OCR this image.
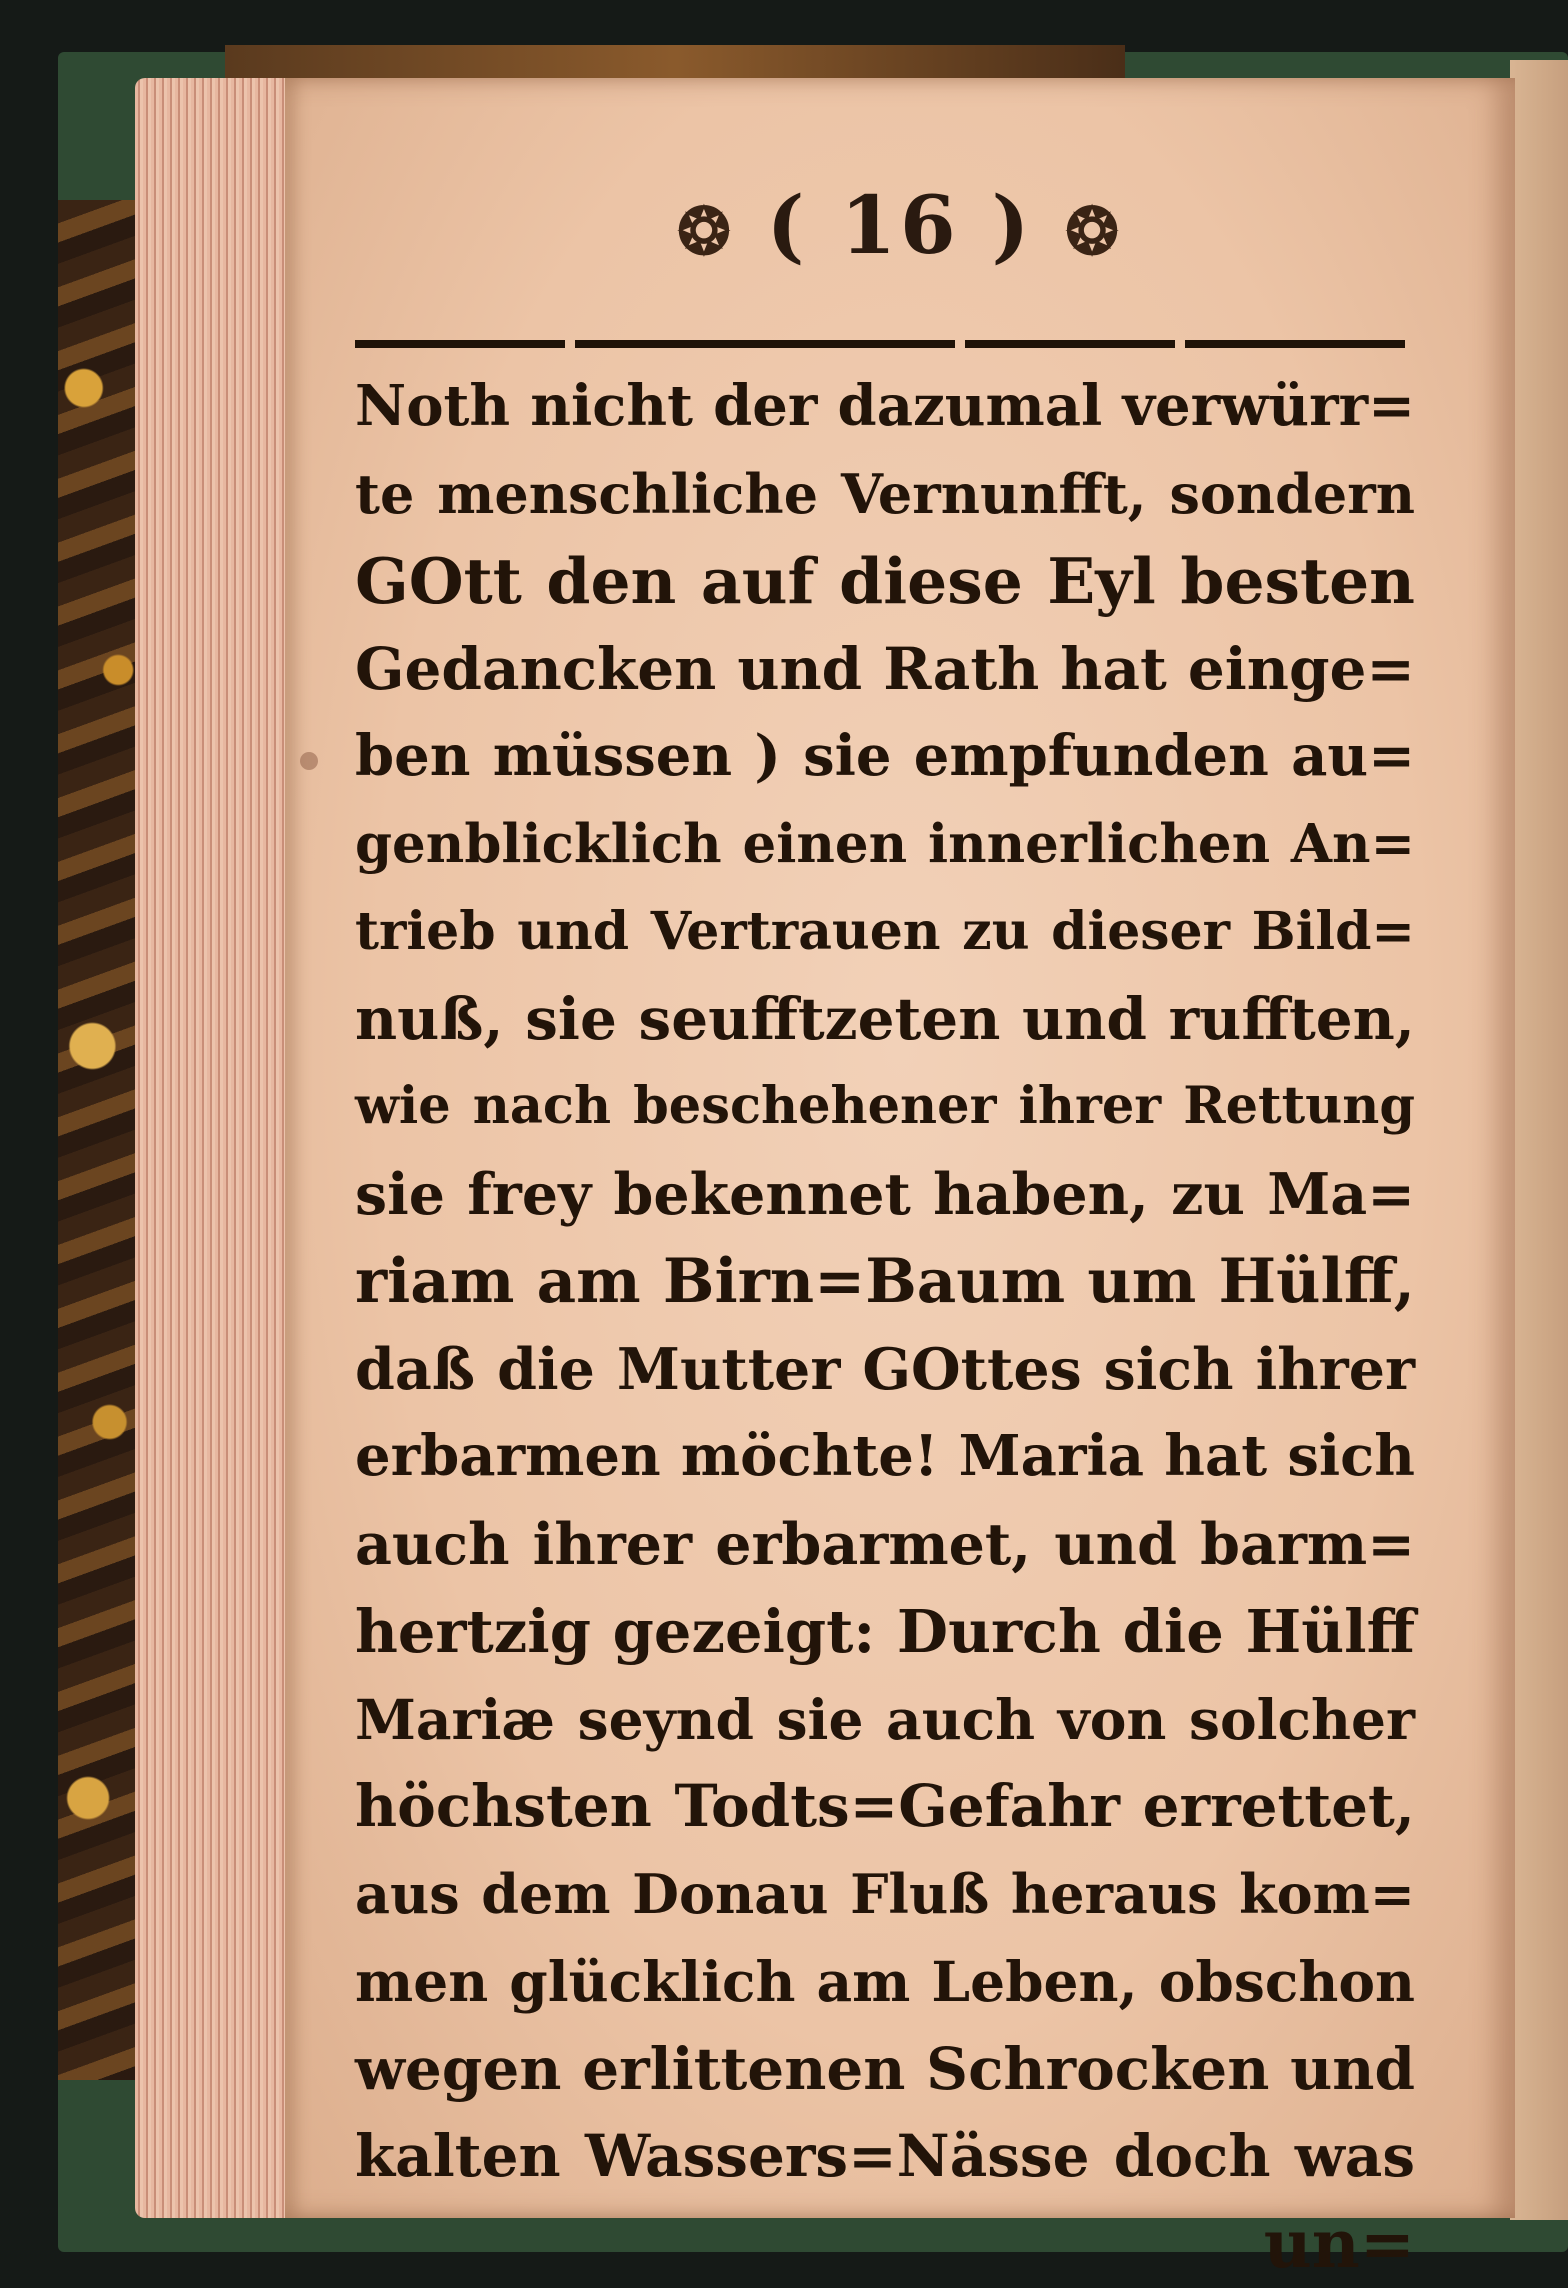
❂ ( 16 ) ❂
Noth nicht der dazumal verwürr=
te menschliche Vernunfft, sondern
GOtt den auf diese Eyl besten
Gedancken und Rath hat einge=
ben müssen ) sie empfunden au=
genblicklich einen innerlichen An=
trieb und Vertrauen zu dieser Bild=
nuß, sie seufftzeten und rufften,
wie nach beschehener ihrer Rettung
sie frey bekennet haben, zu Ma=
riam am Birn=Baum um Hülff,
daß die Mutter GOttes sich ihrer
erbarmen möchte! Maria hat sich
auch ihrer erbarmet, und barm=
hertzig gezeigt: Durch die Hülff
Mariæ seynd sie auch von solcher
höchsten Todts=Gefahr errettet,
aus dem Donau Fluß heraus kom=
men glücklich am Leben, obschon
wegen erlittenen Schrocken und
kalten Wassers=Nässe doch was
un=
